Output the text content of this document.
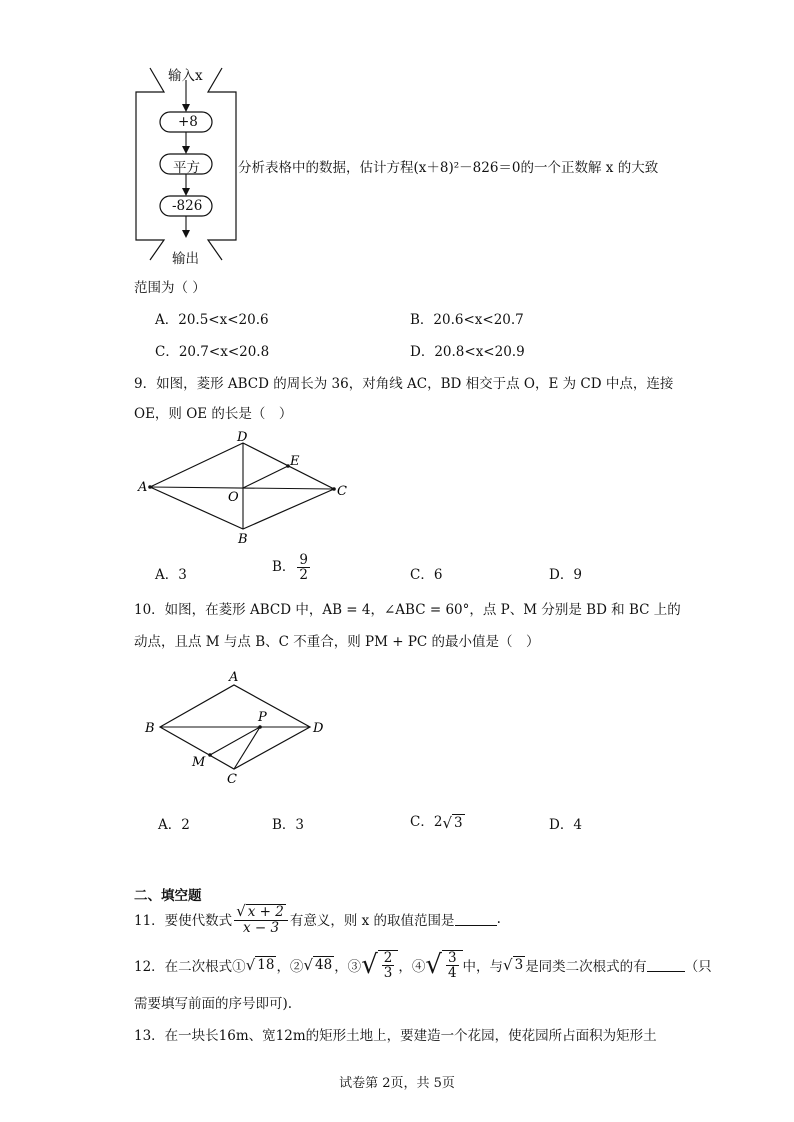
输入x
+8
平方
-826
输出
分析表格中的数据，估计方程(x＋8)²－826＝0的一个正数解 x 的大致
范围为（ ）
A．20.5<x<20.6	B．20.6<x<20.7
C．20.7<x<20.8	D．20.8<x<20.9
9．如图，菱形 ABCD 的周长为 36，对角线 AC，BD 相交于点 O，E 为 CD 中点，连接
OE，则 OE 的长是（　）
A
D
C
B
O
E
A．3	B． $\frac{9}{2}$	C．6	D．9
10．如图，在菱形 ABCD 中，AB = 4，∠ABC = 60°，点 P、M 分别是 BD 和 BC 上的
动点，且点 M 与点 B、C 不重合，则 PM + PC 的最小值是（　）
A
B	D
C
P
M
A．2	B．3	C．2 √ 3	D．4
二、填空题
11．要使代数式 $\frac{√ x + 2}{x - 3}$ 有意义，则 x 的取值范围是	.
12．在二次根式① √ 18 ，② √ 48 ，③ √ $\frac{2}{3}$ ，④ √ $\frac{3}{4}$ 中，与 √ 3 是同类二次根式的有	（只
需要填写前面的序号即可).
13．在一块长16m、宽12m的矩形土地上，要建造一个花园，使花园所占面积为矩形土
试卷第 2页，共 5页
